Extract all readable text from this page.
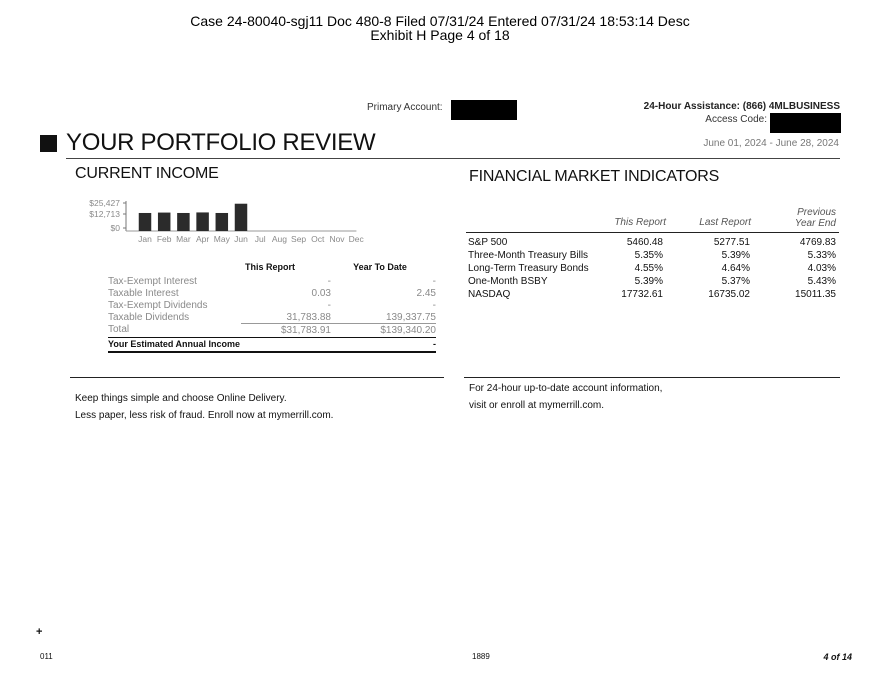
Case 24-80040-sgj11 Doc 480-8 Filed 07/31/24 Entered 07/31/24 18:53:14 Desc
Exhibit H Page 4 of 18
Primary Account:	24-Hour Assistance: (866) 4MLBUSINESS
Access Code:
YOUR PORTFOLIO REVIEW	June 01, 2024 - June 28, 2024
CURRENT INCOME
$25,427
$12,713
$0
Jan Feb Mar Apr May Jun Jul Aug Sep Oct Nov Dec
This Report	Year To Date
Tax-Exempt Interest	-	-
Taxable Interest	0.03	2.45
Tax-Exempt Dividends	-	-
Taxable Dividends	31,783.88	139,337.75
Total	$31,783.91	$139,340.20
Your Estimated Annual Income	-
FINANCIAL MARKET INDICATORS
This Report	Last Report
Previous
Year End
S&P 500	5460.48	5277.51	4769.83
Three-Month Treasury Bills	5.35%	5.39%	5.33%
Long-Term Treasury Bonds	4.55%	4.64%	4.03%
One-Month BSBY	5.39%	5.37%	5.43%
NASDAQ	17732.61	16735.02	15011.35
Keep things simple and choose Online Delivery.
Less paper, less risk of fraud. Enroll now at mymerrill.com.
For 24-hour up-to-date account information,
visit or enroll at mymerrill.com.
+
011	1889	4 of 14
